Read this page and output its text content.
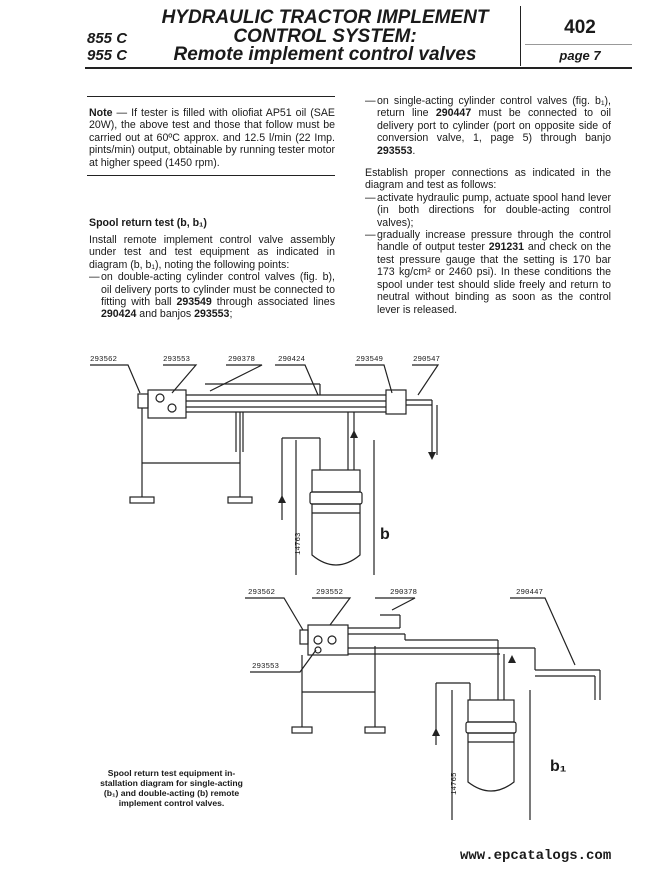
855 C
955 C
HYDRAULIC TRACTOR IMPLEMENT
CONTROL SYSTEM:
Remote implement control valves
402
page 7

Note — If tester is filled with oliofiat AP51 oil (SAE 20W), the above test and those that follow must be carried out at 60ºC approx. and 12.5 l/min (22 Imp. pints/min) output, obtainable by running tester motor at higher speed (1450 rpm).

Spool return test (b, b₁)

Install remote implement control valve assembly under test and test equipment as indicated in diagram (b, b₁), noting the following points:

— on double-acting cylinder control valves (fig. b), oil delivery ports to cylinder must be connected to fitting with ball 293549 through associated lines 290424 and banjos 293553;
— on single-acting cylinder control valves (fig. b₁), return line 290447 must be connected to oil delivery port to cylinder (port on opposite side of conversion valve, 1, page 5) through banjo 293553.

Establish proper connections as indicated in the diagram and test as follows:

— activate hydraulic pump, actuate spool hand lever (in both directions for double-acting control valves);
— gradually increase pressure through the control handle of output tester 291231 and check on the test pressure gauge that the setting is 170 bar 173 kg/cm² or 2460 psi). In these conditions the spool under test should slide freely and return to neutral without binding as soon as the control lever is released.
293562	293553	290378	290424	293549	290547
14763	b
293562	293552	290378	290447
293553
14765
b₁
Spool return test equipment in-
stallation diagram for single-acting
(b₁) and double-acting (b) remote
implement control valves.
www.epcatalogs.com
